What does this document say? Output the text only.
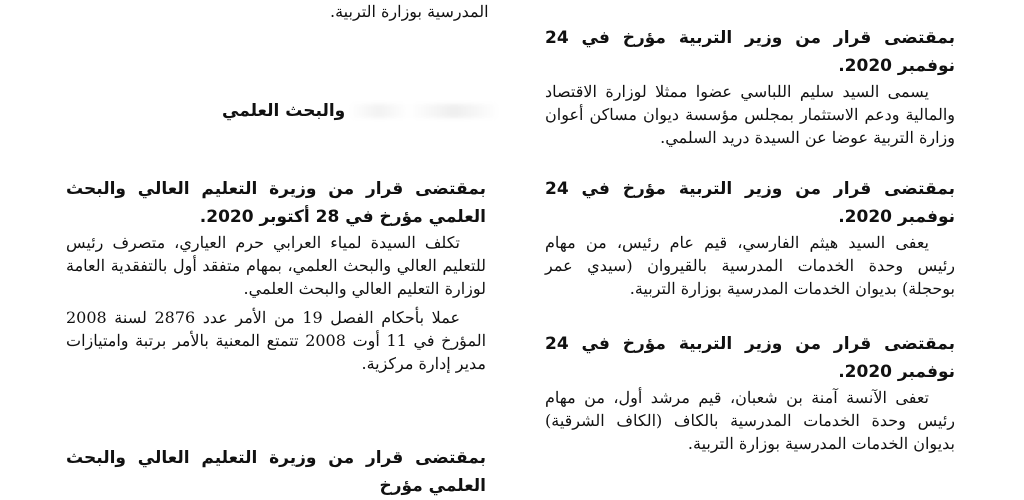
المدرسية بوزارة التربية.
والبحث العلمي

بمقتضى قرار من وزير التربية مؤرخ في 24 نوفمبر 2020.

يسمى السيد سليم اللباسي عضوا ممثلا لوزارة الاقتصاد والمالية ودعم الاستثمار بمجلس مؤسسة ديوان مساكن أعوان وزارة التربية عوضا عن السيدة دريد السلمي.

بمقتضى قرار من وزير التربية مؤرخ في 24 نوفمبر 2020.

يعفى السيد هيثم الفارسي، قيم عام رئيس، من مهام رئيس وحدة الخدمات المدرسية بالقيروان (سيدي عمر بوحجلة) بديوان الخدمات المدرسية بوزارة التربية.

بمقتضى قرار من وزير التربية مؤرخ في 24 نوفمبر 2020.

تعفى الآنسة آمنة بن شعبان، قيم مرشد أول، من مهام رئيس وحدة الخدمات المدرسية بالكاف (الكاف الشرقية) بديوان الخدمات المدرسية بوزارة التربية.

بمقتضى قرار من وزيرة التعليم العالي والبحث العلمي مؤرخ في 28 أكتوبر 2020.

تكلف السيدة لمياء العرابي حرم العياري، متصرف رئيس للتعليم العالي والبحث العلمي، بمهام متفقد أول بالتفقدية العامة لوزارة التعليم العالي والبحث العلمي.

عملا بأحكام الفصل 19 من الأمر عدد 2876 لسنة 2008 المؤرخ في 11 أوت 2008 تتمتع المعنية بالأمر برتبة وامتيازات مدير إدارة مركزية.

بمقتضى قرار من وزيرة التعليم العالي والبحث العلمي مؤرخ
